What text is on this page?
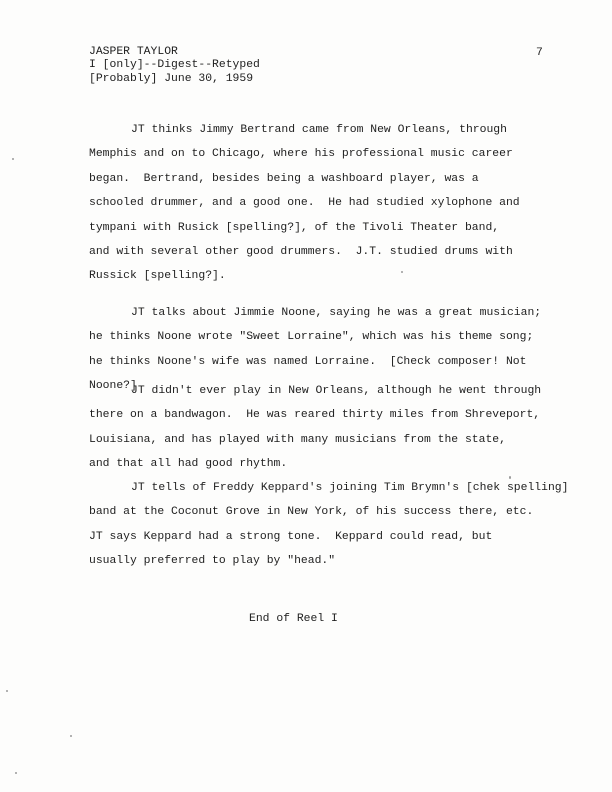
JASPER TAYLOR
I [only]--Digest--Retyped
[Probably] June 30, 1959
7
JT thinks Jimmy Bertrand came from New Orleans, through
Memphis and on to Chicago, where his professional music career
began.  Bertrand, besides being a washboard player, was a
schooled drummer, and a good one.  He had studied xylophone and
tympani with Rusick [spelling?], of the Tivoli Theater band,
and with several other good drummers.  J.T. studied drums with
Russick [spelling?].
JT talks about Jimmie Noone, saying he was a great musician;
he thinks Noone wrote "Sweet Lorraine", which was his theme song;
he thinks Noone's wife was named Lorraine.  [Check composer! Not
Noone?]
JT didn't ever play in New Orleans, although he went through
there on a bandwagon.  He was reared thirty miles from Shreveport,
Louisiana, and has played with many musicians from the state,
and that all had good rhythm.
JT tells of Freddy Keppard's joining Tim Brymn's [chek spelling]
band at the Coconut Grove in New York, of his success there, etc.
JT says Keppard had a strong tone.  Keppard could read, but
usually preferred to play by "head."
End of Reel I
